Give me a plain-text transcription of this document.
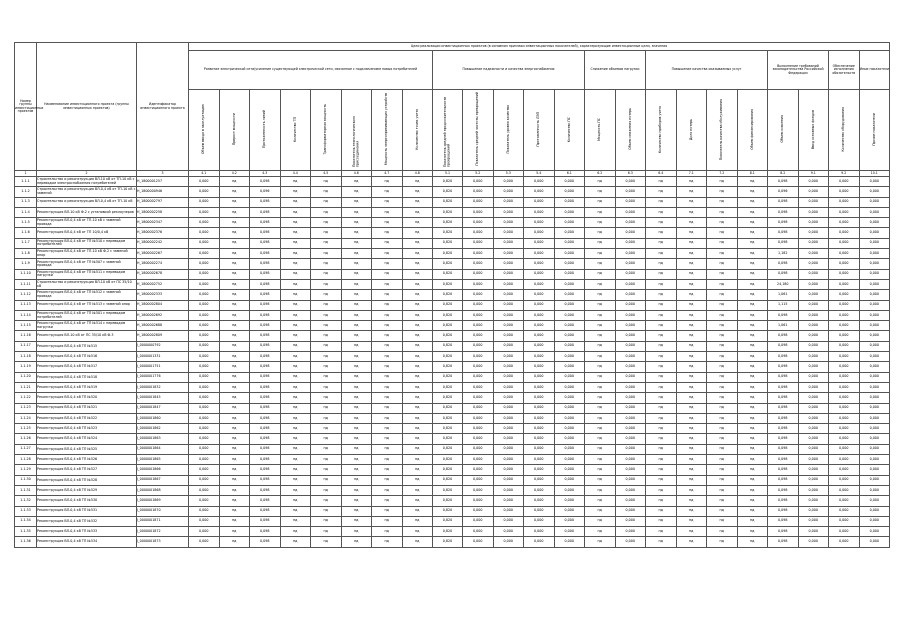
Номер группы инвестиционных проектов	Наименование инвестиционного проекта (группы инвестиционных проектов)	Идентификатор инвестиционного проекта	Цели реализации инвестиционных проектов (в основном признаки инвестиционных показателей), характеризующие инвестиционные цели, значения																							
			Развитие электрической сети/усиление существующей электрической сети, связанное с подключением новых потребителей								Повышение надежности и качества энергоснабжения					Снижение объемов нагрузки		Повышение качества оказываемых услуг				Выполнение требований законодательства Российской Федерации		Обеспечение исполнения обязательств	Иные показатели	
			Объем ввода в эксплуатацию	Прирост мощности	Протяженность линий	Количество ТП	Трансформаторная мощность	Показатель технологического присоединения	Мощность энергопринимающих устройств	Количество точек учета	Показатель средней продолжительности прекращений	Показатель средней частоты прекращений	Показатель уровня качества	Протяженность ЛЭП	Количество ПС	Мощность ПС	Объем снижения потерь	Количество приборов учета	Доля потерь	Показатель качества обслуживания	Объем финансирования	Объем освоения	Ввод основных фондов	Количество оборудования	Прочие показатели	
1	2	3	4.1	4.2	4.3	4.4	4.5	4.6	4.7	4.8	5.1	5.2	5.3	5.4	6.1	6.2	6.3	6.4	7.1	7.2	8.1	8.2	9.1	9.2	10.1	
1.1.1	Строительство и реконструкция ВЛ-10 кВ от ТП-10 кВ с переводом электроснабжения потребителей	H_1800001257	0,000	нд	0,098	нд	нд	нд	нд	нд	0,820	0,000	0,000	0,000	0,000	нд	0,000	нд	нд	нд	нд	0,098	0,000	0,000	0,000	
1.1.2	Строительство и реконструкция ВЛ-0,4 кВ от ТП-10 кВ с заменой	H_1800000946	0,000	нд	0,096	нд	нд	нд	нд	нд	0,820	0,000	0,000	0,000	0,000	нд	0,000	нд	нд	нд	нд	0,096	0,000	0,000	0,000	
1.1.3	Строительство и реконструкция ВЛ-0,4 кВ от ТП-10 кВ	H_1800002797	0,000	нд	0,098	нд	нд	нд	нд	нд	0,820	0,000	0,000	0,000	0,000	нд	0,000	нд	нд	нд	нд	0,098	0,000	0,000	0,000	
1.1.4	Реконструкция ВЛ-10 кВ Ф.2 с установкой реклоузеров	H_1800002258	0,000	нд	0,098	нд	нд	нд	нд	нд	0,820	0,000	0,000	0,000	0,000	нд	0,000	нд	нд	нд	нд	0,098	0,000	0,000	0,000	
1.1.5	Реконструкция ВЛ-0,4 кВ от ТП-10 кВ с заменой провода	H_1800002347	0,000	нд	0,098	нд	нд	нд	нд	нд	0,820	0,000	0,000	0,000	0,000	нд	0,000	нд	нд	нд	нд	0,098	0,000	0,000	0,000	
1.1.6	Реконструкция ВЛ-0,4 кВ от ТП 10/0,4 кВ	H_1800002376	0,000	нд	0,098	нд	нд	нд	нд	нд	0,820	0,000	0,000	0,000	0,000	нд	0,000	нд	нд	нд	нд	0,098	0,000	0,000	0,000	
1.1.7	Реконструкция ВЛ-0,4 кВ от ТП №510 с переводом потребителей	H_1800002242	0,000	нд	0,098	нд	нд	нд	нд	нд	0,820	0,000	0,000	0,000	0,000	нд	0,000	нд	нд	нд	нд	0,098	0,000	0,000	0,000	
1.1.8	Реконструкция ВЛ-0,4 кВ от ТП-10 кВ Ф.2 с заменой опор	H_1800002267	0,000	нд	0,098	нд	нд	нд	нд	нд	0,820	0,000	0,000	0,000	0,000	нд	0,000	нд	нд	нд	нд	1,182	0,000	0,000	0,000	
1.1.9	Реконструкция ВЛ-0,4 кВ от ТП №507 с заменой провода	H_1800002274	0,000	нд	0,098	нд	нд	нд	нд	нд	0,820	0,000	0,000	0,000	0,000	нд	0,000	нд	нд	нд	нд	0,098	0,000	0,000	0,000	
1.1.10	Реконструкция ВЛ-0,4 кВ от ТП №511 с переводом нагрузки	H_1800002678	0,000	нд	0,098	нд	нд	нд	нд	нд	0,820	0,000	0,000	0,000	0,000	нд	0,000	нд	нд	нд	нд	0,098	0,000	0,000	0,000	
1.1.11	Строительство и реконструкция ВЛ-10 кВ от ПС 35/10 кВ	H_1800002752	0,000	нд	0,098	нд	нд	нд	нд	нд	0,820	0,000	0,000	0,000	0,000	нд	0,000	нд	нд	нд	нд	24,180	0,000	0,000	0,000	
1.1.12	Реконструкция ВЛ-0,4 кВ от ТП №512 с заменой провода	H_1800002333	0,000	нд	0,098	нд	нд	нд	нд	нд	0,820	0,000	0,000	0,000	0,000	нд	0,000	нд	нд	нд	нд	1,061	0,000	0,000	0,000	
1.1.13	Реконструкция ВЛ-0,4 кВ от ТП №513 с заменой опор	H_1800002804	0,000	нд	0,098	нд	нд	нд	нд	нд	0,820	0,000	0,000	0,000	0,000	нд	0,000	нд	нд	нд	нд	1,115	0,000	0,000	0,000	
1.1.14	Реконструкция ВЛ-0,4 кВ от ТП №501 с переводом потребителей	H_1800002692	0,000	нд	0,098	нд	нд	нд	нд	нд	0,820	0,000	0,000	0,000	0,000	нд	0,000	нд	нд	нд	нд	0,098	0,000	0,000	0,000	
1.1.15	Реконструкция ВЛ-0,4 кВ от ТП №514 с переводом нагрузки	H_1800002688	0,000	нд	0,098	нд	нд	нд	нд	нд	0,820	0,000	0,000	0,000	0,000	нд	0,000	нд	нд	нд	нд	1,061	0,000	0,000	0,000	
1.1.16	Реконструкция ВЛ-10 кВ от ПС 35/10 кВ Ф.3	H_1800002809	0,000	нд	0,098	нд	нд	нд	нд	нд	0,820	0,000	0,000	0,000	0,000	нд	0,000	нд	нд	нд	нд	0,098	0,000	0,000	0,000	
1.1.17	Реконструкция ВЛ-0,4 кВ ТП №515	J_0000000792	0,000	нд	0,098	нд	нд	нд	нд	нд	0,820	0,000	0,000	0,000	0,000	нд	0,000	нд	нд	нд	нд	0,098	0,000	0,000	0,000	
1.1.18	Реконструкция ВЛ-0,4 кВ ТП №516	J_0000001331	0,000	нд	0,098	нд	нд	нд	нд	нд	0,820	0,000	0,000	0,000	0,000	нд	0,000	нд	нд	нд	нд	0,098	0,000	0,000	0,000	
1.1.19	Реконструкция ВЛ-0,4 кВ ТП №517	J_0000001751	0,000	нд	0,098	нд	нд	нд	нд	нд	0,820	0,000	0,000	0,000	0,000	нд	0,000	нд	нд	нд	нд	0,098	0,000	0,000	0,000	
1.1.20	Реконструкция ВЛ-0,4 кВ ТП №518	J_0000001776	0,000	нд	0,098	нд	нд	нд	нд	нд	0,820	0,000	0,000	0,000	0,000	нд	0,000	нд	нд	нд	нд	0,098	0,000	0,000	0,000	
1.1.21	Реконструкция ВЛ-0,4 кВ ТП №519	J_0000001832	0,000	нд	0,098	нд	нд	нд	нд	нд	0,820	0,000	0,000	0,000	0,000	нд	0,000	нд	нд	нд	нд	0,098	0,000	0,000	0,000	
1.1.22	Реконструкция ВЛ-0,4 кВ ТП №520	J_0000001845	0,000	нд	0,098	нд	нд	нд	нд	нд	0,820	0,000	0,000	0,000	0,000	нд	0,000	нд	нд	нд	нд	0,098	0,000	0,000	0,000	
1.1.23	Реконструкция ВЛ-0,4 кВ ТП №521	J_0000001847	0,000	нд	0,098	нд	нд	нд	нд	нд	0,820	0,000	0,000	0,000	0,000	нд	0,000	нд	нд	нд	нд	0,098	0,000	0,000	0,000	
1.1.24	Реконструкция ВЛ-0,4 кВ ТП №522	J_0000001860	0,000	нд	0,098	нд	нд	нд	нд	нд	0,820	0,000	0,000	0,000	0,000	нд	0,000	нд	нд	нд	нд	0,098	0,000	0,000	0,000	
1.1.25	Реконструкция ВЛ-0,4 кВ ТП №523	J_0000001862	0,000	нд	0,098	нд	нд	нд	нд	нд	0,820	0,000	0,000	0,000	0,000	нд	0,000	нд	нд	нд	нд	0,098	0,000	0,000	0,000	
1.1.26	Реконструкция ВЛ-0,4 кВ ТП №524	J_0000001863	0,000	нд	0,098	нд	нд	нд	нд	нд	0,820	0,000	0,000	0,000	0,000	нд	0,000	нд	нд	нд	нд	0,098	0,000	0,000	0,000	
1.1.27	Реконструкция ВЛ-0,4 кВ ТП №525	J_0000001864	0,000	нд	0,098	нд	нд	нд	нд	нд	0,820	0,000	0,000	0,000	0,000	нд	0,000	нд	нд	нд	нд	0,098	0,000	0,000	0,000	
1.1.28	Реконструкция ВЛ-0,4 кВ ТП №526	J_0000001865	0,000	нд	0,098	нд	нд	нд	нд	нд	0,820	0,000	0,000	0,000	0,000	нд	0,000	нд	нд	нд	нд	0,098	0,000	0,000	0,000	
1.1.29	Реконструкция ВЛ-0,4 кВ ТП №527	J_0000001866	0,000	нд	0,098	нд	нд	нд	нд	нд	0,820	0,000	0,000	0,000	0,000	нд	0,000	нд	нд	нд	нд	0,098	0,000	0,000	0,000	
1.1.30	Реконструкция ВЛ-0,4 кВ ТП №528	J_0000001867	0,000	нд	0,098	нд	нд	нд	нд	нд	0,820	0,000	0,000	0,000	0,000	нд	0,000	нд	нд	нд	нд	0,098	0,000	0,000	0,000	
1.1.31	Реконструкция ВЛ-0,4 кВ ТП №529	J_0000001868	0,000	нд	0,098	нд	нд	нд	нд	нд	0,820	0,000	0,000	0,000	0,000	нд	0,000	нд	нд	нд	нд	0,098	0,000	0,000	0,000	
1.1.32	Реконструкция ВЛ-0,4 кВ ТП №530	J_0000001869	0,000	нд	0,098	нд	нд	нд	нд	нд	0,820	0,000	0,000	0,000	0,000	нд	0,000	нд	нд	нд	нд	0,098	0,000	0,000	0,000	
1.1.33	Реконструкция ВЛ-0,4 кВ ТП №531	J_0000001870	0,000	нд	0,098	нд	нд	нд	нд	нд	0,820	0,000	0,000	0,000	0,000	нд	0,000	нд	нд	нд	нд	0,098	0,000	0,000	0,000	
1.1.34	Реконструкция ВЛ-0,4 кВ ТП №532	J_0000001871	0,000	нд	0,098	нд	нд	нд	нд	нд	0,820	0,000	0,000	0,000	0,000	нд	0,000	нд	нд	нд	нд	0,098	0,000	0,000	0,000	
1.1.35	Реконструкция ВЛ-0,4 кВ ТП №533	J_0000001872	0,000	нд	0,098	нд	нд	нд	нд	нд	0,820	0,000	0,000	0,000	0,000	нд	0,000	нд	нд	нд	нд	0,098	0,000	0,000	0,000	
1.1.36	Реконструкция ВЛ-0,4 кВ ТП №534	J_0000001873	0,000	нд	0,098	нд	нд	нд	нд	нд	0,820	0,000	0,000	0,000	0,000	нд	0,000	нд	нд	нд	нд	0,098	0,000	0,000	0,000	
